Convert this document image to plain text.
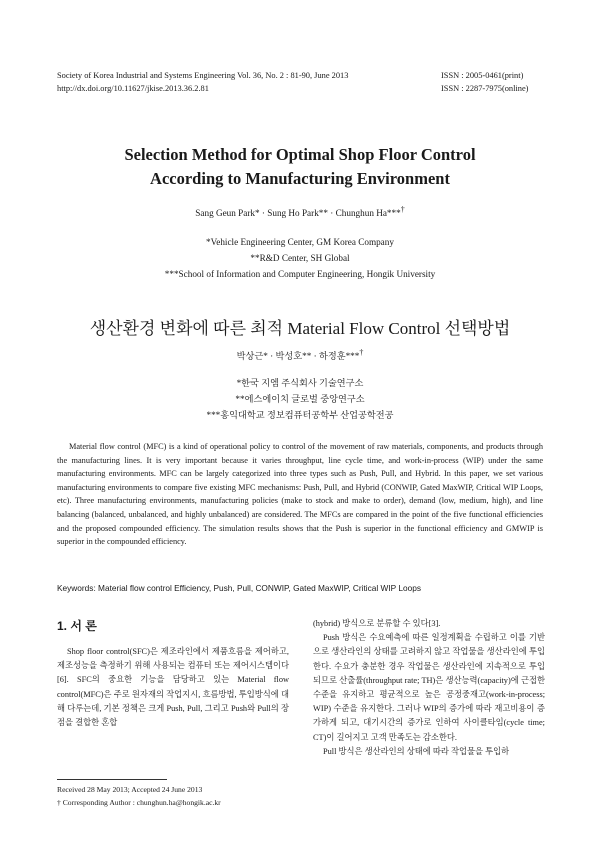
Society of Korea Industrial and Systems Engineering Vol. 36, No. 2 : 81-90, June 2013
http://dx.doi.org/10.11627/jkise.2013.36.2.81
ISSN : 2005-0461(print)
ISSN : 2287-7975(online)
Selection Method for Optimal Shop Floor Control
According to Manufacturing Environment
Sang Geun Park* · Sung Ho Park** · Chunghun Ha***†
*Vehicle Engineering Center, GM Korea Company
**R&D Center, SH Global
***School of Information and Computer Engineering, Hongik University
생산환경 변화에 따른 최적 Material Flow Control 선택방법
박상근* · 박성호** · 하정훈***†
*한국 지엠 주식회사 기술연구소
**에스에이치 글로벌 중앙연구소
***홍익대학교 정보컴퓨터공학부 산업공학전공

Material flow control (MFC) is a kind of operational policy to control of the movement of raw materials, components, and products through the manufacturing lines. It is very important because it varies throughput, line cycle time, and work-in-process (WIP) under the same manufacturing environments. MFC can be largely categorized into three types such as Push, Pull, and Hybrid. In this paper, we set various manufacturing environments to compare five existing MFC mechanisms: Push, Pull, and Hybrid (CONWIP, Gated MaxWIP, Critical WIP Loops, etc). Three manufacturing environments, manufacturing policies (make to stock and make to order), demand (low, medium, high), and line balancing (balanced, unbalanced, and highly unbalanced) are considered. The MFCs are compared in the point of the five functional efficiencies and the proposed compounded efficiency. The simulation results shows that the Push is superior in the functional efficiency and GMWIP is superior in the compounded efficiency.

Keywords: Material flow control Efficiency, Push, Pull, CONWIP, Gated MaxWIP, Critical WIP Loops
1. 서 론

Shop floor control(SFC)은 제조라인에서 제품흐름을 제어하고, 제조성능을 측정하기 위해 사용되는 컴퓨터 또는 제어시스템이다[6]. SFC의 중요한 기능을 담당하고 있는 Material flow control(MFC)은 주로 원자재의 작업지시, 흐름방법, 투입방식에 대해 다루는데, 기본 정책은 크게 Push, Pull, 그리고 Push와 Pull의 장점을 결합한 혼합

(hybrid) 방식으로 분류할 수 있다[3].

Push 방식은 수요예측에 따른 일정계획을 수립하고 이를 기반으로 생산라인의 상태를 고려하지 않고 작업물을 생산라인에 투입한다. 수요가 충분한 경우 작업물은 생산라인에 지속적으로 투입되므로 산출률(throughput rate; TH)은 생산능력(capacity)에 근접한 수준을 유지하고 평균적으로 높은 공정중재고(work-in-process; WIP) 수준을 유지한다. 그러나 WIP의 증가에 따라 재고비용이 증가하게 되고, 대기시간의 증가로 인하여 사이클타임(cycle time; CT)이 길어지고 고객 만족도는 감소한다.

Pull 방식은 생산라인의 상태에 따라 작업물을 투입하

Received 28 May 2013; Accepted 24 June 2013
† Corresponding Author : chunghun.ha@hongik.ac.kr
